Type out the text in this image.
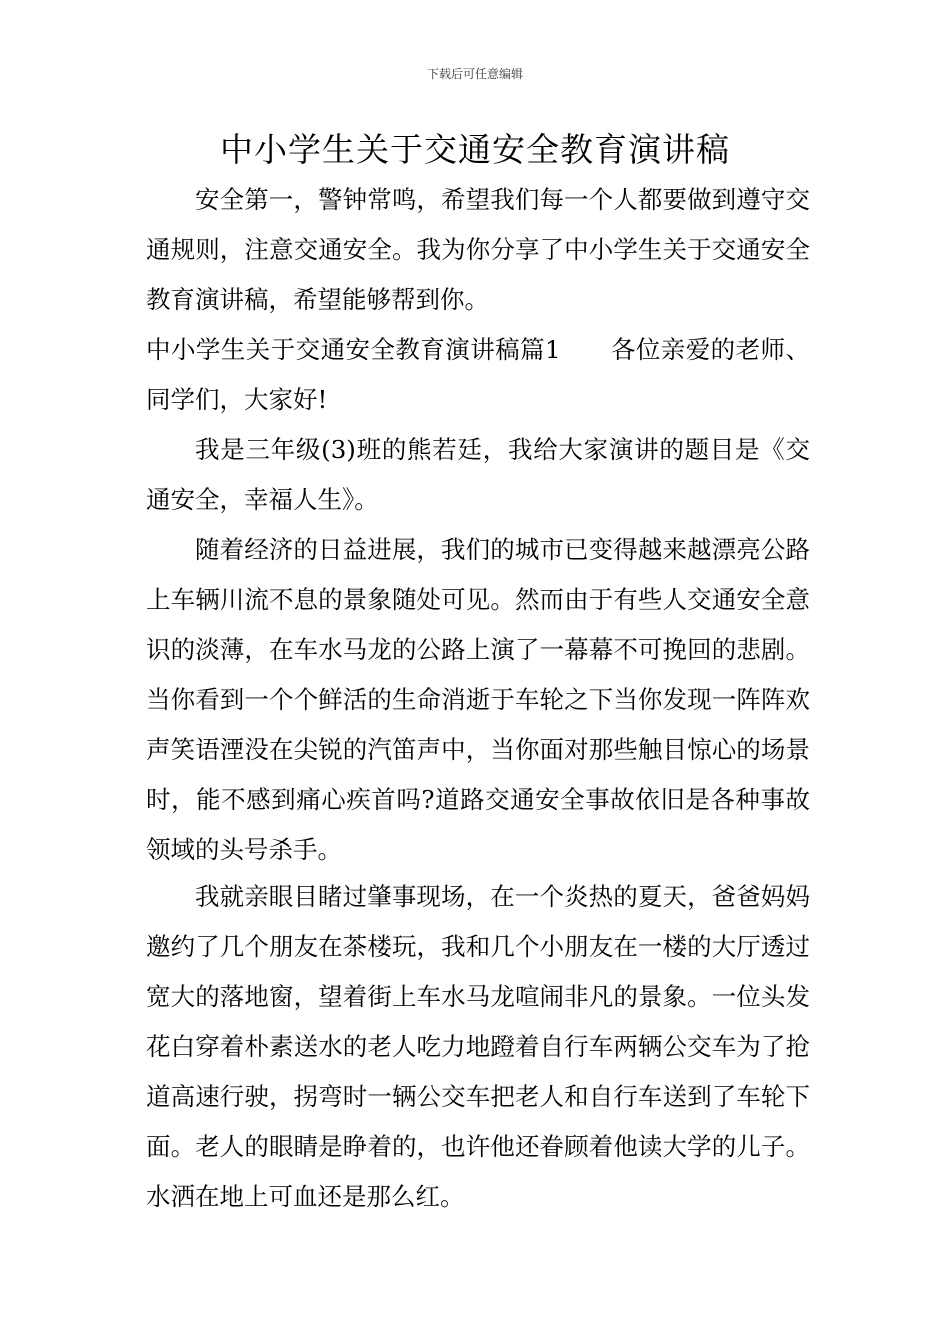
下载后可任意编辑
中小学生关于交通安全教育演讲稿

安全第一，警钟常鸣，希望我们每一个人都要做到遵守交通规则，注意交通安全。我为你分享了中小学生关于交通安全教育演讲稿，希望能够帮到你。

中小学生关于交通安全教育演讲稿篇1　　各位亲爱的老师、同学们，大家好!

我是三年级(3)班的熊若廷，我给大家演讲的题目是《交通安全，幸福人生》。

随着经济的日益进展，我们的城市已变得越来越漂亮公路上车辆川流不息的景象随处可见。然而由于有些人交通安全意识的淡薄，在车水马龙的公路上演了一幕幕不可挽回的悲剧。当你看到一个个鲜活的生命消逝于车轮之下当你发现一阵阵欢声笑语湮没在尖锐的汽笛声中，当你面对那些触目惊心的场景时，能不感到痛心疾首吗?道路交通安全事故依旧是各种事故领域的头号杀手。

我就亲眼目睹过肇事现场，在一个炎热的夏天，爸爸妈妈邀约了几个朋友在茶楼玩，我和几个小朋友在一楼的大厅透过宽大的落地窗，望着街上车水马龙喧闹非凡的景象。一位头发花白穿着朴素送水的老人吃力地蹬着自行车两辆公交车为了抢道高速行驶，拐弯时一辆公交车把老人和自行车送到了车轮下面。老人的眼睛是睁着的，也许他还眷顾着他读大学的儿子。水洒在地上可血还是那么红。
